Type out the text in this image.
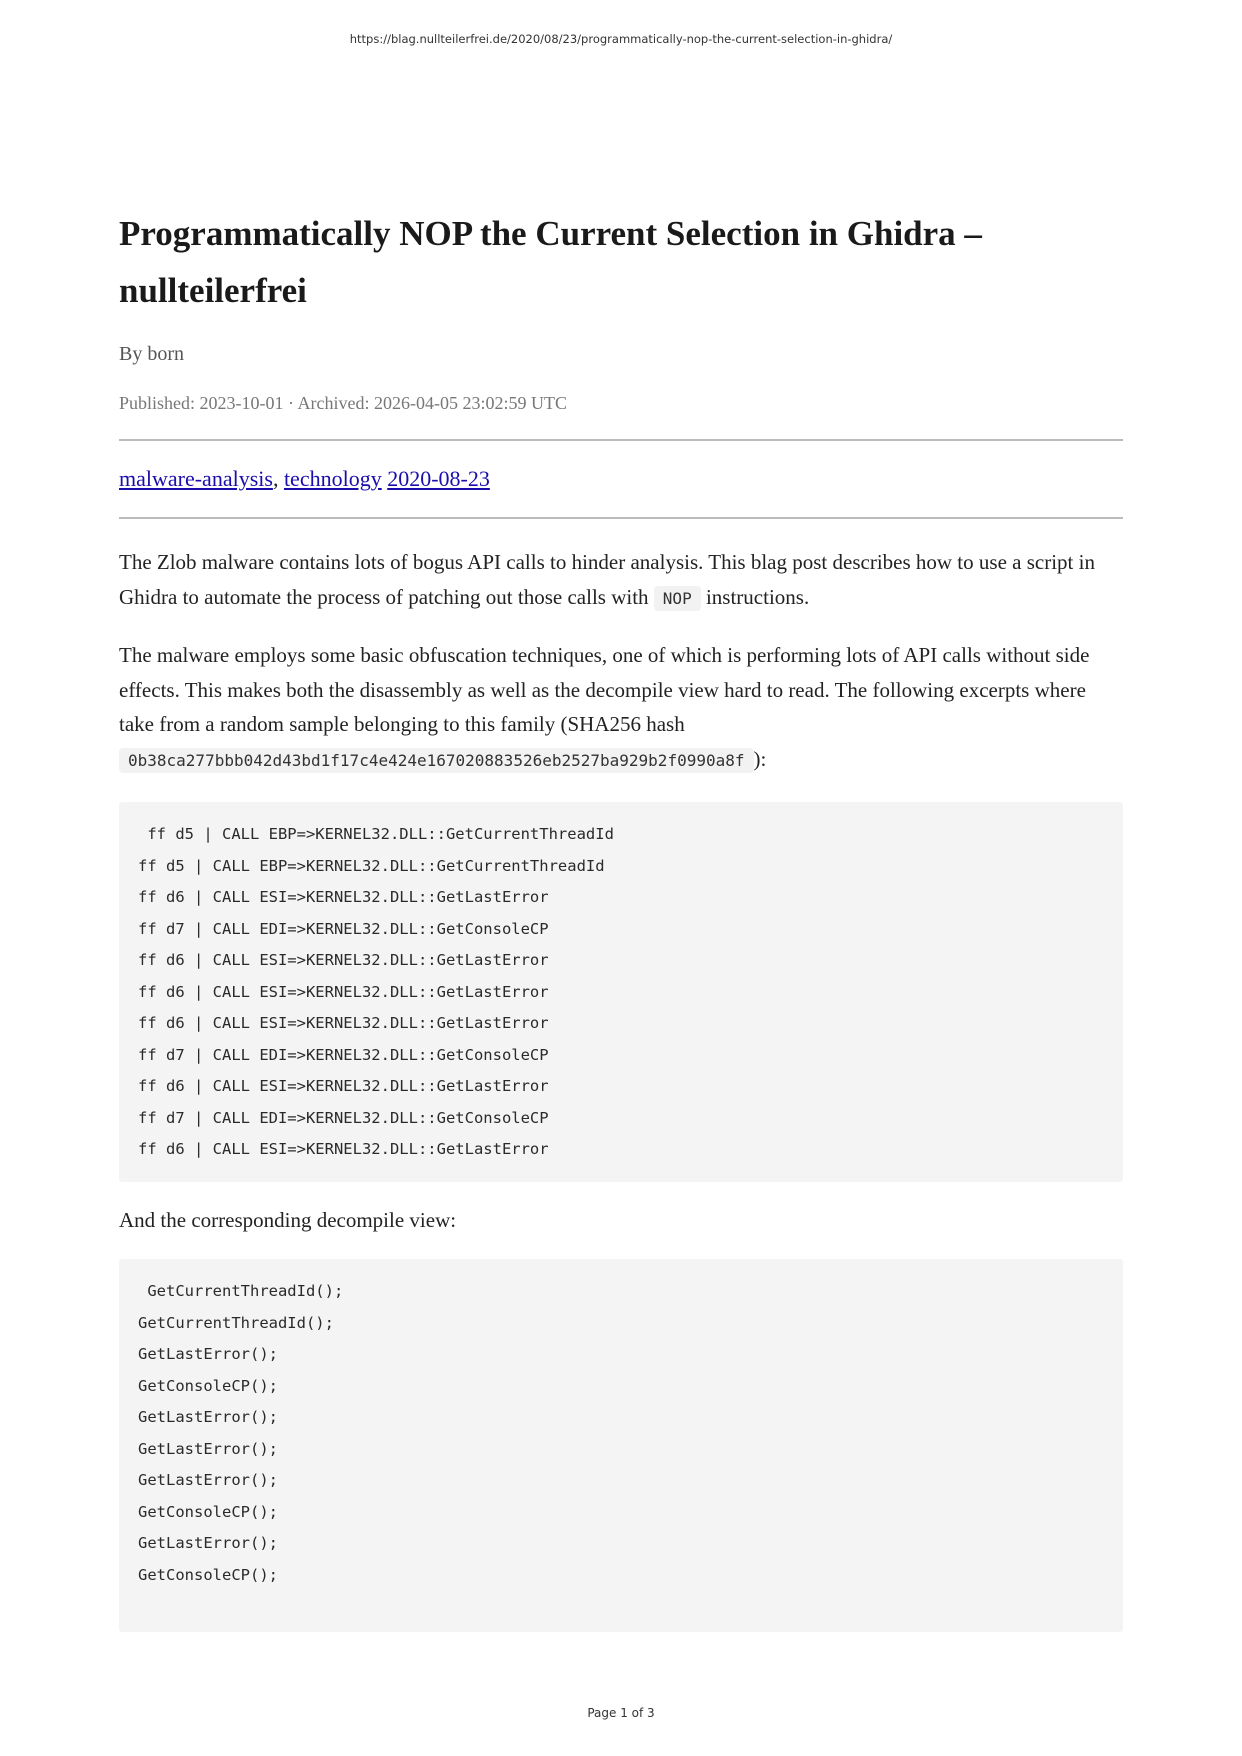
https://blag.nullteilerfrei.de/2020/08/23/programmatically-nop-the-current-selection-in-ghidra/
Programmatically NOP the Current Selection in Ghidra –
nullteilerfrei
By born
Published: 2023-10-01 · Archived: 2026-04-05 23:02:59 UTC
malware-analysis, technology 2020-08-23

The Zlob malware contains lots of bogus API calls to hinder analysis. This blag post describes how to use a script in Ghidra to automate the process of patching out those calls with NOP instructions.

The malware employs some basic obfuscation techniques, one of which is performing lots of API calls without side effects. This makes both the disassembly as well as the decompile view hard to read. The following excerpts where take from a random sample belonging to this family (SHA256 hash 0b38ca277bbb042d43bd1f17c4e424e167020883526eb2527ba929b2f0990a8f ):

ff d5 | CALL EBP=>KERNEL32.DLL::GetCurrentThreadId
ff d5 | CALL EBP=>KERNEL32.DLL::GetCurrentThreadId
ff d6 | CALL ESI=>KERNEL32.DLL::GetLastError
ff d7 | CALL EDI=>KERNEL32.DLL::GetConsoleCP
ff d6 | CALL ESI=>KERNEL32.DLL::GetLastError
ff d6 | CALL ESI=>KERNEL32.DLL::GetLastError
ff d6 | CALL ESI=>KERNEL32.DLL::GetLastError
ff d7 | CALL EDI=>KERNEL32.DLL::GetConsoleCP
ff d6 | CALL ESI=>KERNEL32.DLL::GetLastError
ff d7 | CALL EDI=>KERNEL32.DLL::GetConsoleCP
ff d6 | CALL ESI=>KERNEL32.DLL::GetLastError

And the corresponding decompile view:

GetCurrentThreadId();
GetCurrentThreadId();
GetLastError();
GetConsoleCP();
GetLastError();
GetLastError();
GetLastError();
GetConsoleCP();
GetLastError();
GetConsoleCP();
Page 1 of 3
